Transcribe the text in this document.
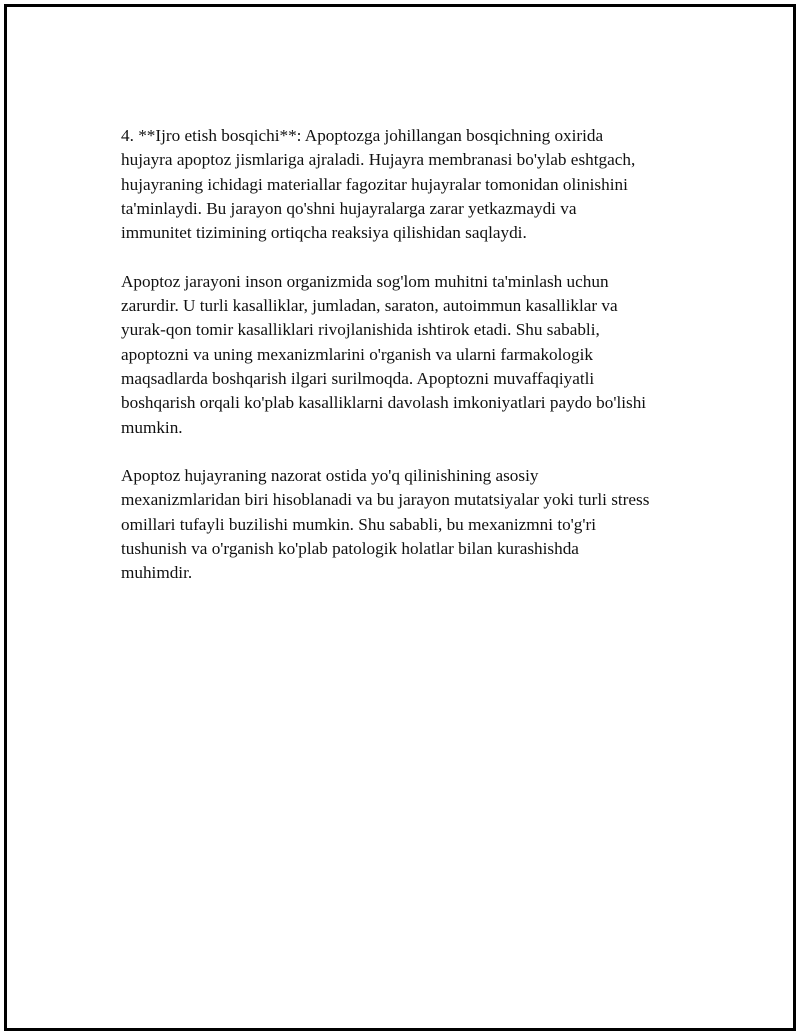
4. **Ijro etish bosqichi**: Apoptozga johillangan bosqichning oxirida

hujayra apoptoz jismlariga ajraladi. Hujayra membranasi bo'ylab eshtgach,

hujayraning ichidagi materiallar fagozitar hujayralar tomonidan olinishini

ta'minlaydi. Bu jarayon qo'shni hujayralarga zarar yetkazmaydi va

immunitet tizimining ortiqcha reaksiya qilishidan saqlaydi.

Apoptoz jarayoni inson organizmida sog'lom muhitni ta'minlash uchun

zarurdir. U turli kasalliklar, jumladan, saraton, autoimmun kasalliklar va

yurak-qon tomir kasalliklari rivojlanishida ishtirok etadi. Shu sababli,

apoptozni va uning mexanizmlarini o'rganish va ularni farmakologik

maqsadlarda boshqarish ilgari surilmoqda. Apoptozni muvaffaqiyatli

boshqarish orqali ko'plab kasalliklarni davolash imkoniyatlari paydo bo'lishi

mumkin.

Apoptoz hujayraning nazorat ostida yo'q qilinishining asosiy

mexanizmlaridan biri hisoblanadi va bu jarayon mutatsiyalar yoki turli stress

omillari tufayli buzilishi mumkin. Shu sababli, bu mexanizmni to'g'ri

tushunish va o'rganish ko'plab patologik holatlar bilan kurashishda

muhimdir.
